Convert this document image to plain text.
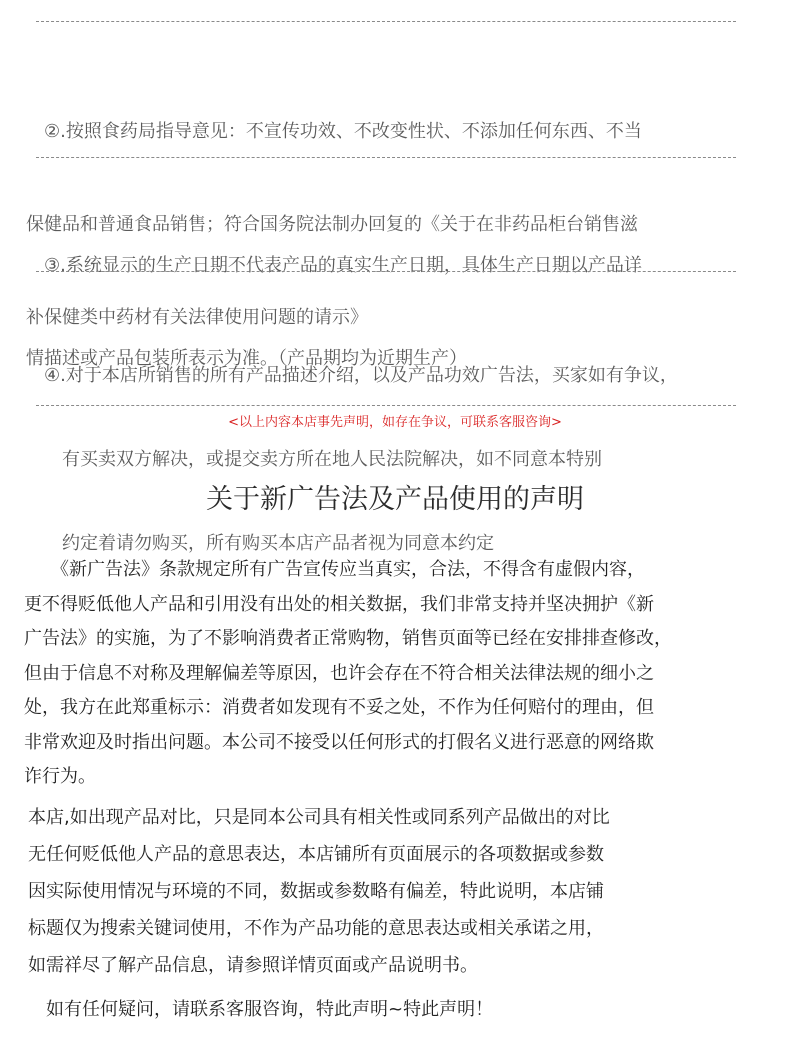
　②.按照食药局指导意见：不宣传功效、不改变性状、不添加任何东西、不当

保健品和普通食品销售；符合国务院法制办回复的《关于在非药品柜台销售滋

补保健类中药材有关法律使用问题的请示》

　③.系统显示的生产日期不代表产品的真实生产日期，具体生产日期以产品详

情描述或产品包装所表示为准。（产品期均为近期生产）

　④.对于本店所销售的所有产品描述介绍，以及产品功效广告法，买家如有争议，

　　有买卖双方解决，或提交卖方所在地人民法院解决，如不同意本特别

　　约定着请勿购买，所有购买本店产品者视为同意本约定

<以上内容本店事先声明，如存在争议，可联系客服咨询>
关于新广告法及产品使用的声明
　　《新广告法》条款规定所有广告宣传应当真实，合法，不得含有虚假内容，
更不得贬低他人产品和引用没有出处的相关数据，我们非常支持并坚决拥护《新
广告法》的实施，为了不影响消费者正常购物，销售页面等已经在安排排查修改，
但由于信息不对称及理解偏差等原因，也许会存在不符合相关法律法规的细小之
处，我方在此郑重标示：消费者如发现有不妥之处，不作为任何赔付的理由，但
非常欢迎及时指出问题。本公司不接受以任何形式的打假名义进行恶意的网络欺
诈行为。
本店,如出现产品对比，只是同本公司具有相关性或同系列产品做出的对比
无任何贬低他人产品的意思表达，本店铺所有页面展示的各项数据或参数
因实际使用情况与环境的不同，数据或参数略有偏差，特此说明，本店铺
标题仅为搜索关键词使用，不作为产品功能的意思表达或相关承诺之用，
如需祥尽了解产品信息，请参照详情页面或产品说明书。
　如有任何疑问，请联系客服咨询，特此声明~特此声明！
